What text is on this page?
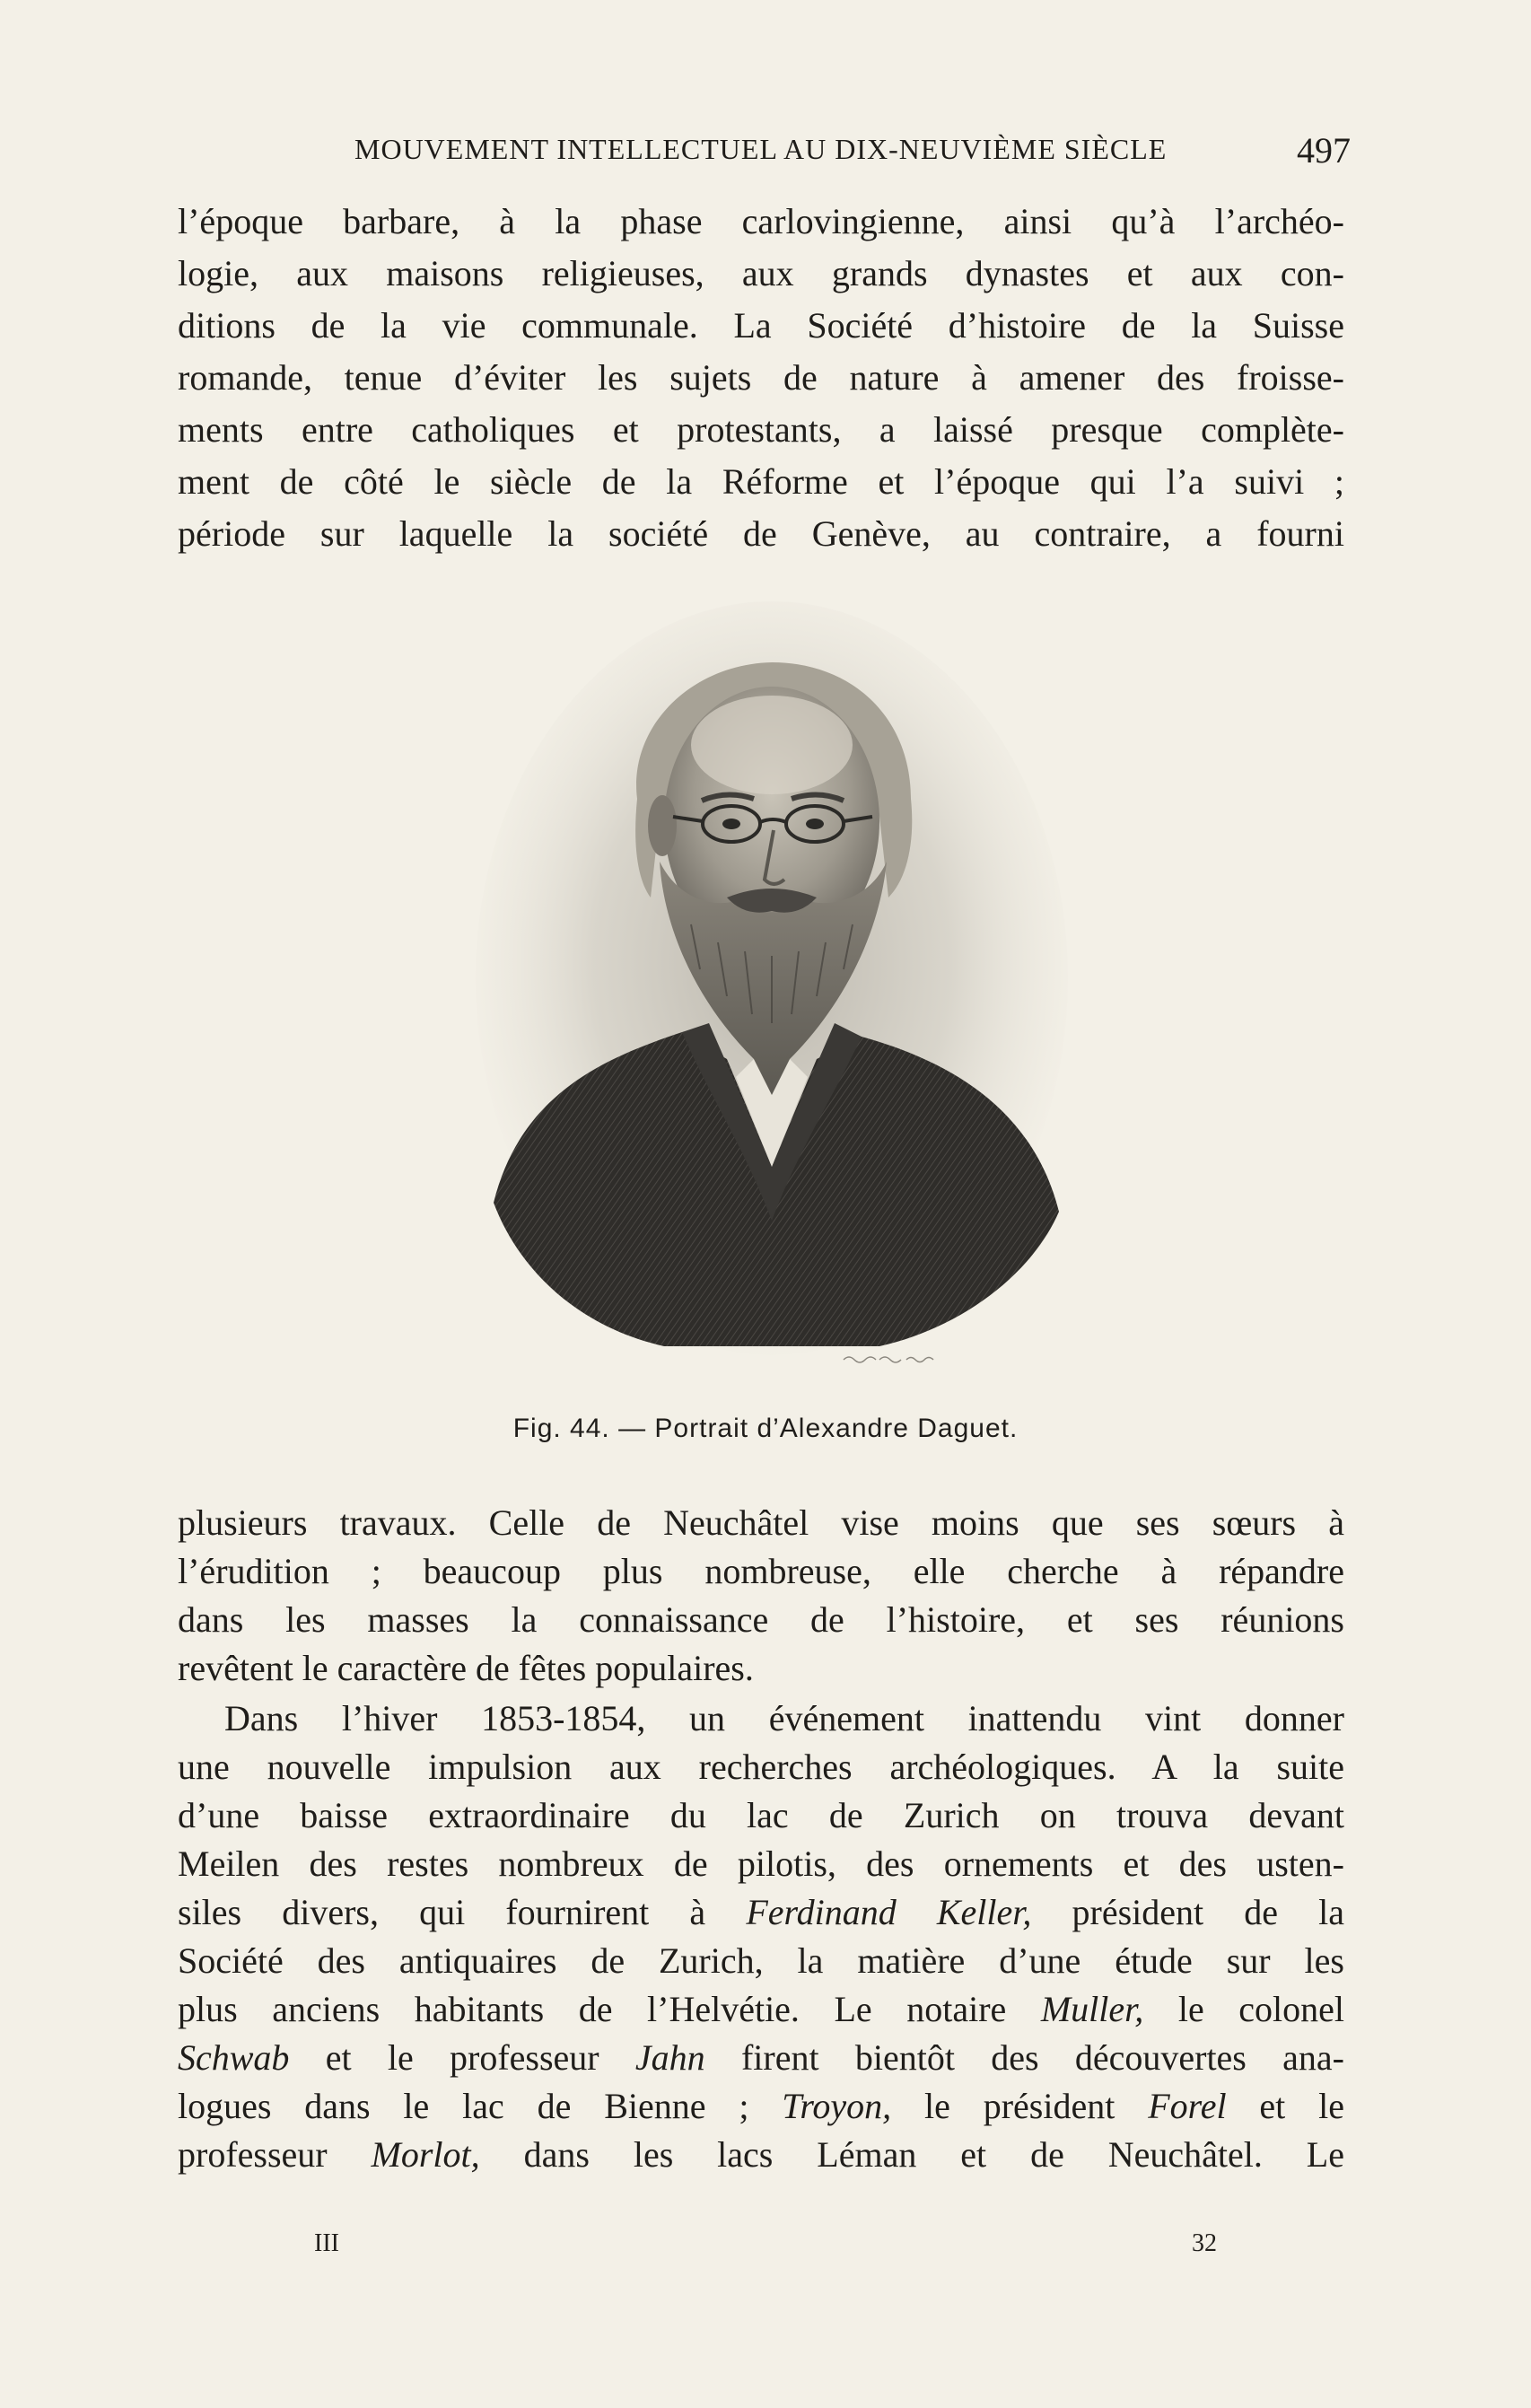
MOUVEMENT INTELLECTUEL AU DIX-NEUVIÈME SIÈCLE	497
l’époque barbare, à la phase carlovingienne, ainsi qu’à l’archéo-
logie, aux maisons religieuses, aux grands dynastes et aux con-
ditions de la vie communale. La Société d’histoire de la Suisse
romande, tenue d’éviter les sujets de nature à amener des froisse-
ments entre catholiques et protestants, a laissé presque complète-
ment de côté le siècle de la Réforme et l’époque qui l’a suivi ;
période sur laquelle la société de Genève, au contraire, a fourni
Fig. 44. — Portrait d’Alexandre Daguet.
plusieurs travaux. Celle de Neuchâtel vise moins que ses sœurs à
l’érudition ; beaucoup plus nombreuse, elle cherche à répandre
dans les masses la connaissance de l’histoire, et ses réunions
revêtent le caractère de fêtes populaires.
Dans l’hiver 1853-1854, un événement inattendu vint donner
une nouvelle impulsion aux recherches archéologiques. A la suite
d’une baisse extraordinaire du lac de Zurich on trouva devant
Meilen des restes nombreux de pilotis, des ornements et des usten-
siles divers, qui fournirent à Ferdinand Keller, président de la
Société des antiquaires de Zurich, la matière d’une étude sur les
plus anciens habitants de l’Helvétie. Le notaire Muller, le colonel
Schwab et le professeur Jahn firent bientôt des découvertes ana-
logues dans le lac de Bienne ; Troyon, le président Forel et le
professeur Morlot, dans les lacs Léman et de Neuchâtel. Le
III	32
